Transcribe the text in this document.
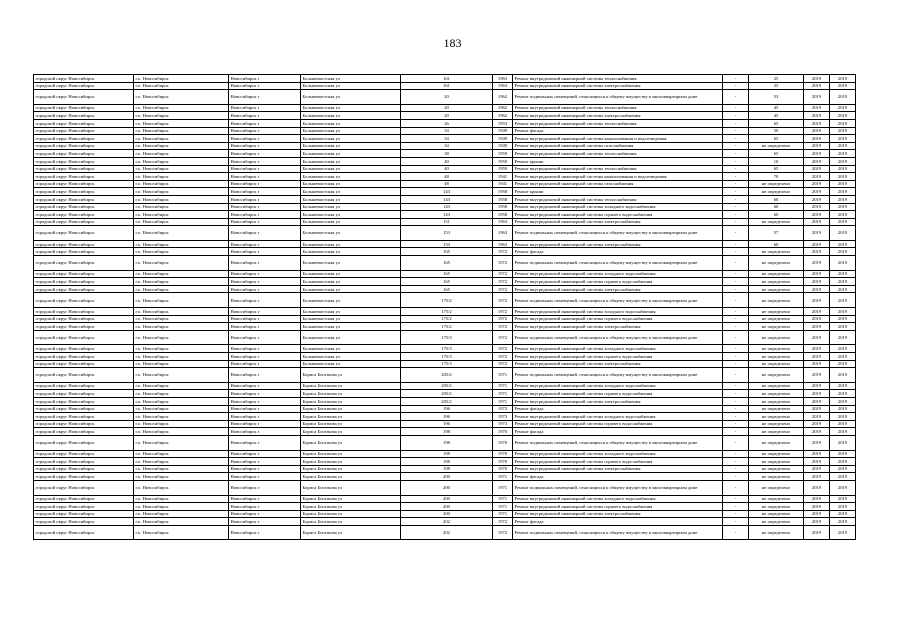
183
городской округ Новосибирск	г.о. Новосибирск	Новосибирск г	Большевистская ул	161	1963	Ремонт внутридомовой инженерной системы теплоснабжения	-	25	2019	2019
городской округ Новосибирск	г.о. Новосибирск	Новосибирск г	Большевистская ул	161	1963	Ремонт внутридомовой инженерной системы электроснабжения	-	25	2019	2019
городской округ Новосибирск	г.о. Новосибирск	Новосибирск г	Большевистская ул	20	1962	Ремонт подвальных помещений, относящихся к общему имуществу в многоквартирном доме	-	53	2019	2019
городской округ Новосибирск	г.о. Новосибирск	Новосибирск г	Большевистская ул	20	1962	Ремонт внутридомовой инженерной системы теплоснабжения	-	45	2019	2019
городской округ Новосибирск	г.о. Новосибирск	Новосибирск г	Большевистская ул	20	1962	Ремонт внутридомовой инженерной системы электроснабжения	-	45	2019	2019
городской округ Новосибирск	г.о. Новосибирск	Новосибирск г	Большевистская ул	26	1953	Ремонт внутридомовой инженерной системы теплоснабжения	-	65	2019	2019
городской округ Новосибирск	г.о. Новосибирск	Новосибирск г	Большевистская ул	34	1949	Ремонт фасада	-	50	2019	2019
городской округ Новосибирск	г.о. Новосибирск	Новосибирск г	Большевистская ул	34	1949	Ремонт внутридомовой инженерной системы канализования и водоотведения	-	65	2019	2019
городской округ Новосибирск	г.о. Новосибирск	Новосибирск г	Большевистская ул	34	1949	Ремонт внутридомовой инженерной системы газоснабжения	-	не определено	2019	2019
городской округ Новосибирск	г.о. Новосибирск	Новосибирск г	Большевистская ул	38	1959	Ремонт внутридомовой инженерной системы теплоснабжения	-	65	2019	2019
городской округ Новосибирск	г.о. Новосибирск	Новосибирск г	Большевистская ул	40	1959	Ремонт крыши	-	10	2019	2019
городской округ Новосибирск	г.о. Новосибирск	Новосибирск г	Большевистская ул	40	1959	Ремонт внутридомовой инженерной системы теплоснабжения	-	65	2019	2019
городской округ Новосибирск	г.о. Новосибирск	Новосибирск г	Большевистская ул	48	1941	Ремонт внутридомовой инженерной системы канализования и водоотведения	-	70	2019	2019
городской округ Новосибирск	г.о. Новосибирск	Новосибирск г	Большевистская ул	48	1941	Ремонт внутридомовой инженерной системы газоснабжения	-	не определено	2019	2019
городской округ Новосибирск	г.о. Новосибирск	Новосибирск г	Большевистская ул	143	1958	Ремонт крыши	-	не определено	2019	2019
городской округ Новосибирск	г.о. Новосибирск	Новосибирск г	Большевистская ул	143	1958	Ремонт внутридомовой инженерной системы теплоснабжения	-	60	2019	2019
городской округ Новосибирск	г.о. Новосибирск	Новосибирск г	Большевистская ул	143	1958	Ремонт внутридомовой инженерной системы холодного водоснабжения	-	60	2019	2019
городской округ Новосибирск	г.о. Новосибирск	Новосибирск г	Большевистская ул	143	1958	Ремонт внутридомовой инженерной системы горячего водоснабжения	-	60	2019	2019
городской округ Новосибирск	г.о. Новосибирск	Новосибирск г	Большевистская ул	151	1963	Ремонт внутридомовой инженерной системы электроснабжения	-	не определено	2019	2019
городской округ Новосибирск	г.о. Новосибирск	Новосибирск г	Большевистская ул	153	1963	Ремонт подвальных помещений, относящихся к общему имуществу в многоквартирном доме	-	57	2019	2019
городской округ Новосибирск	г.о. Новосибирск	Новосибирск г	Большевистская ул	153	1963	Ремонт внутридомовой инженерной системы электроснабжения	-	60	2019	2019
городской округ Новосибирск	г.о. Новосибирск	Новосибирск г	Большевистская ул	165	1972	Ремонт фасада	-	не определено	2019	2019
городской округ Новосибирск	г.о. Новосибирск	Новосибирск г	Большевистская ул	165	1972	Ремонт подвальных помещений, относящихся к общему имуществу в многоквартирном доме	-	не определено	2019	2019
городской округ Новосибирск	г.о. Новосибирск	Новосибирск г	Большевистская ул	165	1972	Ремонт внутридомовой инженерной системы холодного водоснабжения	-	не определено	2019	2019
городской округ Новосибирск	г.о. Новосибирск	Новосибирск г	Большевистская ул	165	1972	Ремонт внутридомовой инженерной системы горячего водоснабжения	-	не определено	2019	2019
городской округ Новосибирск	г.о. Новосибирск	Новосибирск г	Большевистская ул	165	1972	Ремонт внутридомовой инженерной системы электроснабжения	-	не определено	2019	2019
городской округ Новосибирск	г.о. Новосибирск	Новосибирск г	Большевистская ул	175/2	1972	Ремонт подвальных помещений, относящихся к общему имуществу в многоквартирном доме	-	не определено	2019	2019
городской округ Новосибирск	г.о. Новосибирск	Новосибирск г	Большевистская ул	175/2	1972	Ремонт внутридомовой инженерной системы холодного водоснабжения	-	не определено	2019	2019
городской округ Новосибирск	г.о. Новосибирск	Новосибирск г	Большевистская ул	175/2	1972	Ремонт внутридомовой инженерной системы горячего водоснабжения	-	не определено	2019	2019
городской округ Новосибирск	г.о. Новосибирск	Новосибирск г	Большевистская ул	175/2	1972	Ремонт внутридомовой инженерной системы электроснабжения	-	не определено	2019	2019
городской округ Новосибирск	г.о. Новосибирск	Новосибирск г	Большевистская ул	175/3	1972	Ремонт подвальных помещений, относящихся к общему имуществу в многоквартирном доме	-	не определено	2019	2019
городской округ Новосибирск	г.о. Новосибирск	Новосибирск г	Большевистская ул	175/3	1972	Ремонт внутридомовой инженерной системы холодного водоснабжения	-	не определено	2019	2019
городской округ Новосибирск	г.о. Новосибирск	Новосибирск г	Большевистская ул	175/3	1972	Ремонт внутридомовой инженерной системы горячего водоснабжения	-	не определено	2019	2019
городской округ Новосибирск	г.о. Новосибирск	Новосибирск г	Большевистская ул	175/3	1972	Ремонт внутридомовой инженерной системы электроснабжения	-	не определено	2019	2019
городской округ Новосибирск	г.о. Новосибирск	Новосибирск г	Бориса Богаткова ул	205/2	1971	Ремонт подвальных помещений, относящихся к общему имуществу в многоквартирном доме	-	не определено	2019	2019
городской округ Новосибирск	г.о. Новосибирск	Новосибирск г	Бориса Богаткова ул	205/2	1971	Ремонт внутридомовой инженерной системы холодного водоснабжения	-	не определено	2019	2019
городской округ Новосибирск	г.о. Новосибирск	Новосибирск г	Бориса Богаткова ул	205/2	1971	Ремонт внутридомовой инженерной системы горячего водоснабжения	-	не определено	2019	2019
городской округ Новосибирск	г.о. Новосибирск	Новосибирск г	Бориса Богаткова ул	205/2	1971	Ремонт внутридомовой инженерной системы электроснабжения	-	не определено	2019	2019
городской округ Новосибирск	г.о. Новосибирск	Новосибирск г	Бориса Богаткова ул	196	1973	Ремонт фасада	-	не определено	2019	2019
городской округ Новосибирск	г.о. Новосибирск	Новосибирск г	Бориса Богаткова ул	196	1973	Ремонт внутридомовой инженерной системы холодного водоснабжения	-	не определено	2019	2019
городской округ Новосибирск	г.о. Новосибирск	Новосибирск г	Бориса Богаткова ул	196	1973	Ремонт внутридомовой инженерной системы горячего водоснабжения	-	не определено	2019	2019
городской округ Новосибирск	г.о. Новосибирск	Новосибирск г	Бориса Богаткова ул	198	1970	Ремонт фасада	-	не определено	2019	2019
городской округ Новосибирск	г.о. Новосибирск	Новосибирск г	Бориса Богаткова ул	198	1970	Ремонт подвальных помещений, относящихся к общему имуществу в многоквартирном доме	-	не определено	2019	2019
городской округ Новосибирск	г.о. Новосибирск	Новосибирск г	Бориса Богаткова ул	198	1970	Ремонт внутридомовой инженерной системы холодного водоснабжения	-	не определено	2019	2019
городской округ Новосибирск	г.о. Новосибирск	Новосибирск г	Бориса Богаткова ул	198	1970	Ремонт внутридомовой инженерной системы горячего водоснабжения	-	не определено	2019	2019
городской округ Новосибирск	г.о. Новосибирск	Новосибирск г	Бориса Богаткова ул	198	1970	Ремонт внутридомовой инженерной системы электроснабжения	-	не определено	2019	2019
городской округ Новосибирск	г.о. Новосибирск	Новосибирск г	Бориса Богаткова ул	200	1971	Ремонт фасада	-	не определено	2019	2019
городской округ Новосибирск	г.о. Новосибирск	Новосибирск г	Бориса Богаткова ул	200	1971	Ремонт подвальных помещений, относящихся к общему имуществу в многоквартирном доме	-	не определено	2019	2019
городской округ Новосибирск	г.о. Новосибирск	Новосибирск г	Бориса Богаткова ул	200	1971	Ремонт внутридомовой инженерной системы холодного водоснабжения	-	не определено	2019	2019
городской округ Новосибирск	г.о. Новосибирск	Новосибирск г	Бориса Богаткова ул	200	1971	Ремонт внутридомовой инженерной системы горячего водоснабжения	-	не определено	2019	2019
городской округ Новосибирск	г.о. Новосибирск	Новосибирск г	Бориса Богаткова ул	200	1971	Ремонт внутридомовой инженерной системы электроснабжения	-	не определено	2019	2019
городской округ Новосибирск	г.о. Новосибирск	Новосибирск г	Бориса Богаткова ул	202	1972	Ремонт фасада	-	не определено	2019	2019
городской округ Новосибирск	г.о. Новосибирск	Новосибирск г	Бориса Богаткова ул	202	1972	Ремонт подвальных помещений, относящихся к общему имуществу в многоквартирном доме	-	не определено	2019	2019
